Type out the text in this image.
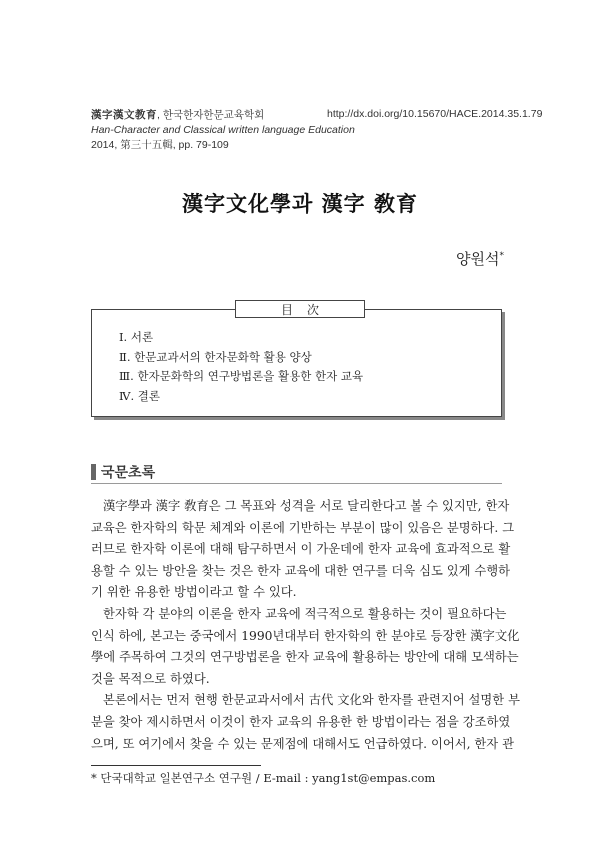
漢字漢文教育, 한국한자한문교육학회
Han-Character and Classical written language Education
2014, 第三十五輯, pp. 79-109
http://dx.doi.org/10.15670/HACE.2014.35.1.79
漢字文化學과 漢字 敎育
양원석*
目次
Ⅰ. 서론
Ⅱ. 한문교과서의 한자문화학 활용 양상
Ⅲ. 한자문화학의 연구방법론을 활용한 한자 교육
Ⅳ. 결론
국문초록

漢字學과 漢字 敎育은 그 목표와 성격을 서로 달리한다고 볼 수 있지만, 한자
교육은 한자학의 학문 체계와 이론에 기반하는 부분이 많이 있음은 분명하다. 그
러므로 한자학 이론에 대해 탐구하면서 이 가운데에 한자 교육에 효과적으로 활
용할 수 있는 방안을 찾는 것은 한자 교육에 대한 연구를 더욱 심도 있게 수행하
기 위한 유용한 방법이라고 할 수 있다.

한자학 각 분야의 이론을 한자 교육에 적극적으로 활용하는 것이 필요하다는
인식 하에, 본고는 중국에서 1990년대부터 한자학의 한 분야로 등장한 漢字文化
學에 주목하여 그것의 연구방법론을 한자 교육에 활용하는 방안에 대해 모색하는
것을 목적으로 하였다.

본론에서는 먼저 현행 한문교과서에서 古代 文化와 한자를 관련지어 설명한 부
분을 찾아 제시하면서 이것이 한자 교육의 유용한 한 방법이라는 점을 강조하였
으며, 또 여기에서 찾을 수 있는 문제점에 대해서도 언급하였다. 이어서, 한자 관

* 단국대학교 일본연구소 연구원 / E-mail : yang1st@empas.com
